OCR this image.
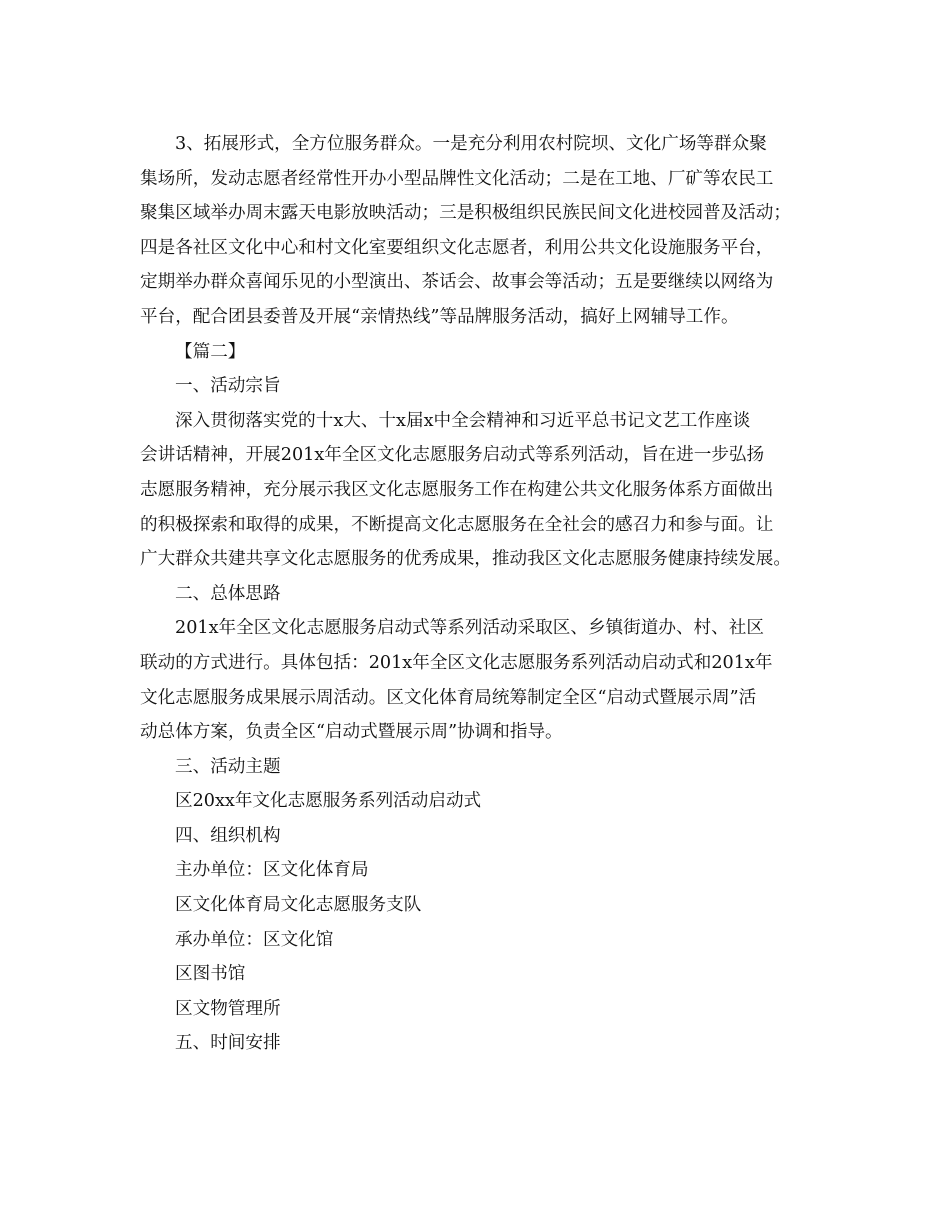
3、拓展形式，全方位服务群众。一是充分利用农村院坝、文化广场等群众聚
集场所，发动志愿者经常性开办小型品牌性文化活动；二是在工地、厂矿等农民工
聚集区域举办周末露天电影放映活动；三是积极组织民族民间文化进校园普及活动；
四是各社区文化中心和村文化室要组织文化志愿者，利用公共文化设施服务平台，
定期举办群众喜闻乐见的小型演出、茶话会、故事会等活动；五是要继续以网络为
平台，配合团县委普及开展“亲情热线”等品牌服务活动，搞好上网辅导工作。
【篇二】
一、活动宗旨
深入贯彻落实党的十x大、十x届x中全会精神和习近平总书记文艺工作座谈
会讲话精神，开展201x年全区文化志愿服务启动式等系列活动，旨在进一步弘扬
志愿服务精神，充分展示我区文化志愿服务工作在构建公共文化服务体系方面做出
的积极探索和取得的成果，不断提高文化志愿服务在全社会的感召力和参与面。让
广大群众共建共享文化志愿服务的优秀成果，推动我区文化志愿服务健康持续发展。
二、总体思路
201x年全区文化志愿服务启动式等系列活动采取区、乡镇街道办、村、社区
联动的方式进行。具体包括：201x年全区文化志愿服务系列活动启动式和201x年
文化志愿服务成果展示周活动。区文化体育局统筹制定全区“启动式暨展示周”活
动总体方案，负责全区“启动式暨展示周”协调和指导。
三、活动主题
区20xx年文化志愿服务系列活动启动式
四、组织机构
主办单位：区文化体育局
区文化体育局文化志愿服务支队
承办单位：区文化馆
区图书馆
区文物管理所
五、时间安排
